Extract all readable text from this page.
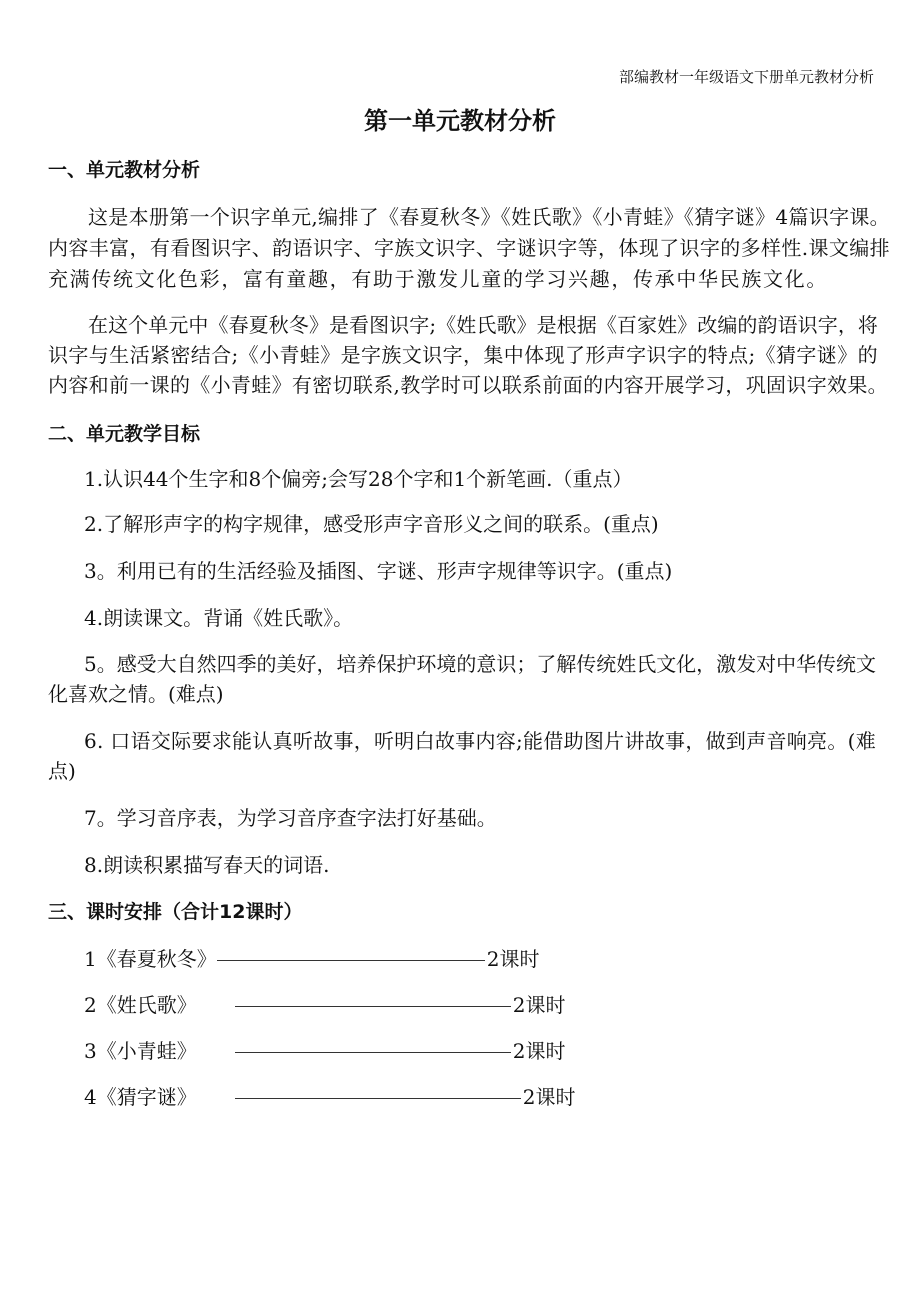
部编教材一年级语文下册单元教材分析
第一单元教材分析
一、单元教材分析
这是本册第一个识字单元,编排了《春夏秋冬》《姓氏歌》《小青蛙》《猜字谜》4篇识字课。
内容丰富，有看图识字、韵语识字、字族文识字、字谜识字等，体现了识字的多样性.课文编排
充满传统文化色彩，富有童趣，有助于激发儿童的学习兴趣，传承中华民族文化。
在这个单元中《春夏秋冬》是看图识字;《姓氏歌》是根据《百家姓》改编的韵语识字，将
识字与生活紧密结合;《小青蛙》是字族文识字，集中体现了形声字识字的特点;《猜字谜》的
内容和前一课的《小青蛙》有密切联系,教学时可以联系前面的内容开展学习，巩固识字效果。
二、单元教学目标
1.认识44个生字和8个偏旁;会写28个字和1个新笔画.（重点）
2.了解形声字的构字规律，感受形声字音形义之间的联系。(重点)
3。利用已有的生活经验及插图、字谜、形声字规律等识字。(重点)
4.朗读课文。背诵《姓氏歌》。
5。感受大自然四季的美好，培养保护环境的意识；了解传统姓氏文化，激发对中华传统文
化喜欢之情。(难点)
6. 口语交际要求能认真听故事，听明白故事内容;能借助图片讲故事，做到声音响亮。(难
点)
7。学习音序表，为学习音序查字法打好基础。
8.朗读积累描写春天的词语.
三、课时安排（合计12课时）
1《春夏秋冬》	2课时
2《姓氏歌》	2课时
3《小青蛙》	2课时
4《猜字谜》	2课时
